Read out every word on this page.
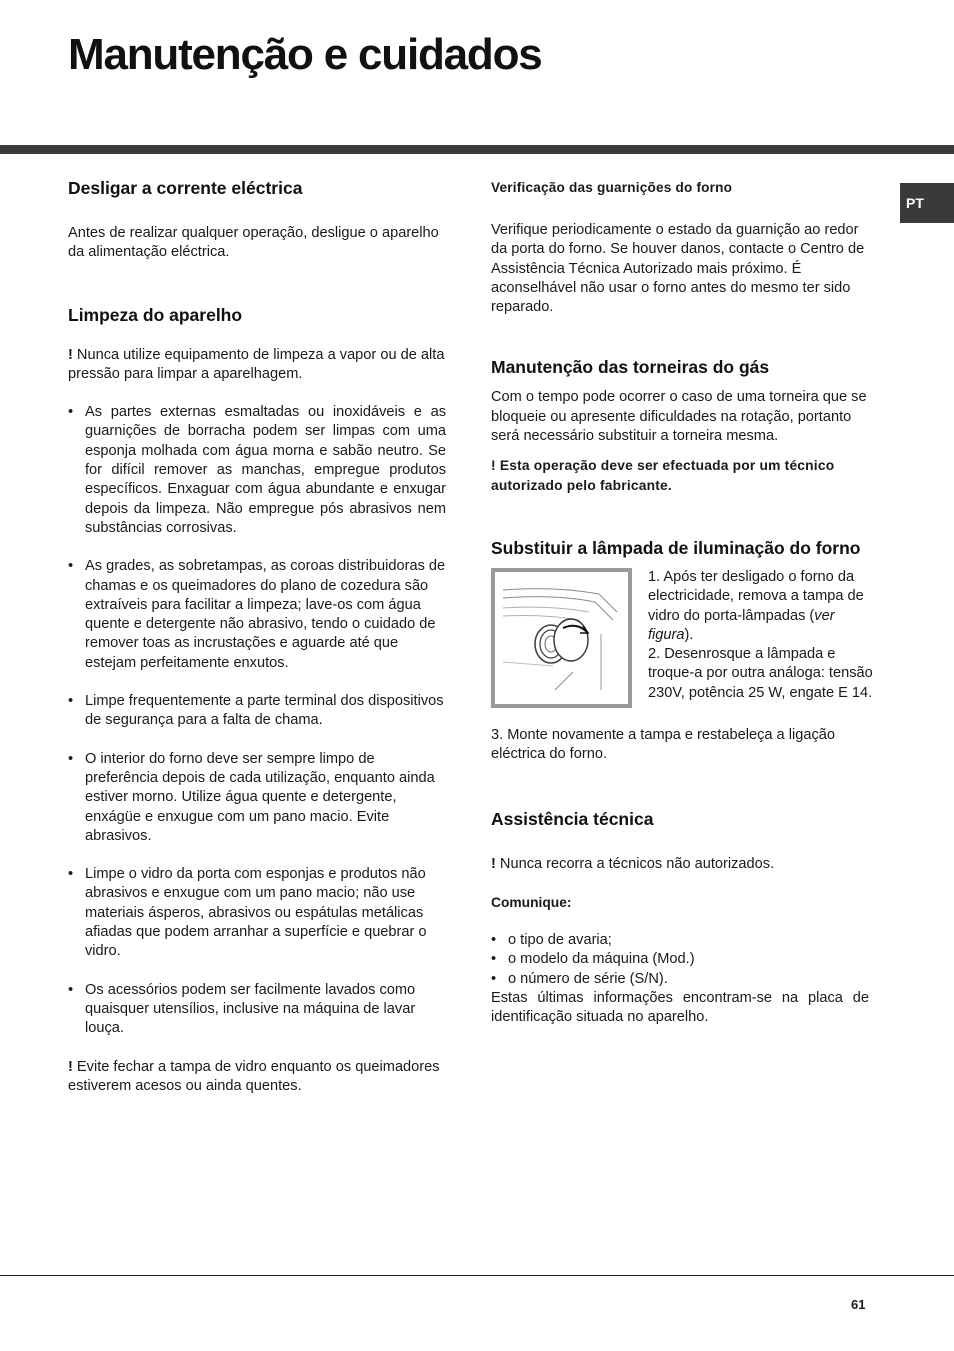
Manutenção e cuidados
PT
Desligar a corrente eléctrica

Antes de realizar qualquer operação, desligue o aparelho da alimentação eléctrica.

Limpeza do aparelho

! Nunca utilize equipamento de limpeza a vapor ou de alta pressão para limpar a aparelhagem.

• As partes externas esmaltadas ou inoxidáveis e as guarnições de borracha podem ser limpas com uma esponja molhada com água morna e sabão neutro. Se for difícil remover as manchas, empregue produtos específicos. Enxaguar com água abundante e enxugar depois da limpeza. Não empregue pós abrasivos nem substâncias corrosivas.
• As grades, as sobretampas, as coroas distribuidoras de chamas e os queimadores do plano de cozedura são extraíveis para facilitar a limpeza; lave-os com água quente e detergente não abrasivo, tendo o cuidado de remover toas as incrustações e aguarde até que estejam perfeitamente enxutos.
• Limpe frequentemente a parte terminal dos dispositivos de segurança para a falta de chama.
• O interior do forno deve ser sempre limpo de preferência depois de cada utilização, enquanto ainda estiver morno. Utilize água quente e detergente, enxágüe e enxugue com um pano macio. Evite abrasivos.
• Limpe o vidro da porta com esponjas e produtos não abrasivos e enxugue com um pano macio; não use materiais ásperos, abrasivos ou espátulas metálicas afiadas que podem arranhar a superfície e quebrar o vidro.
• Os acessórios podem ser facilmente lavados como quaisquer utensílios, inclusive na máquina de lavar louça.

! Evite fechar a tampa de vidro enquanto os queimadores estiverem acesos ou ainda quentes.

Verificação das guarnições do forno

Verifique periodicamente o estado da guarnição ao redor da porta do forno. Se houver danos, contacte o Centro de Assistência Técnica Autorizado mais próximo. É aconselhável não usar o forno antes do mesmo ter sido reparado.

Manutenção das torneiras do gás

Com o tempo pode ocorrer o caso de uma torneira que se bloqueie ou apresente dificuldades na rotação, portanto será necessário substituir a torneira mesma.

! Esta operação deve ser efectuada por um técnico autorizado pelo fabricante.

Substituir a lâmpada de iluminação do forno

1. Após ter desligado o forno da electricidade, remova a tampa de vidro do porta-lâmpadas (ver figura).

2. Desenrosque a lâmpada e troque-a por outra análoga: tensão 230V, potência 25 W, engate E 14.

3. Monte novamente a tampa e restabeleça a ligação eléctrica do forno.

Assistência técnica

! Nunca recorra a técnicos não autorizados.

Comunique:

• o tipo de avaria;
• o modelo da máquina (Mod.)
• o número de série (S/N).

Estas últimas informações encontram-se na placa de identificação situada no aparelho.

61
